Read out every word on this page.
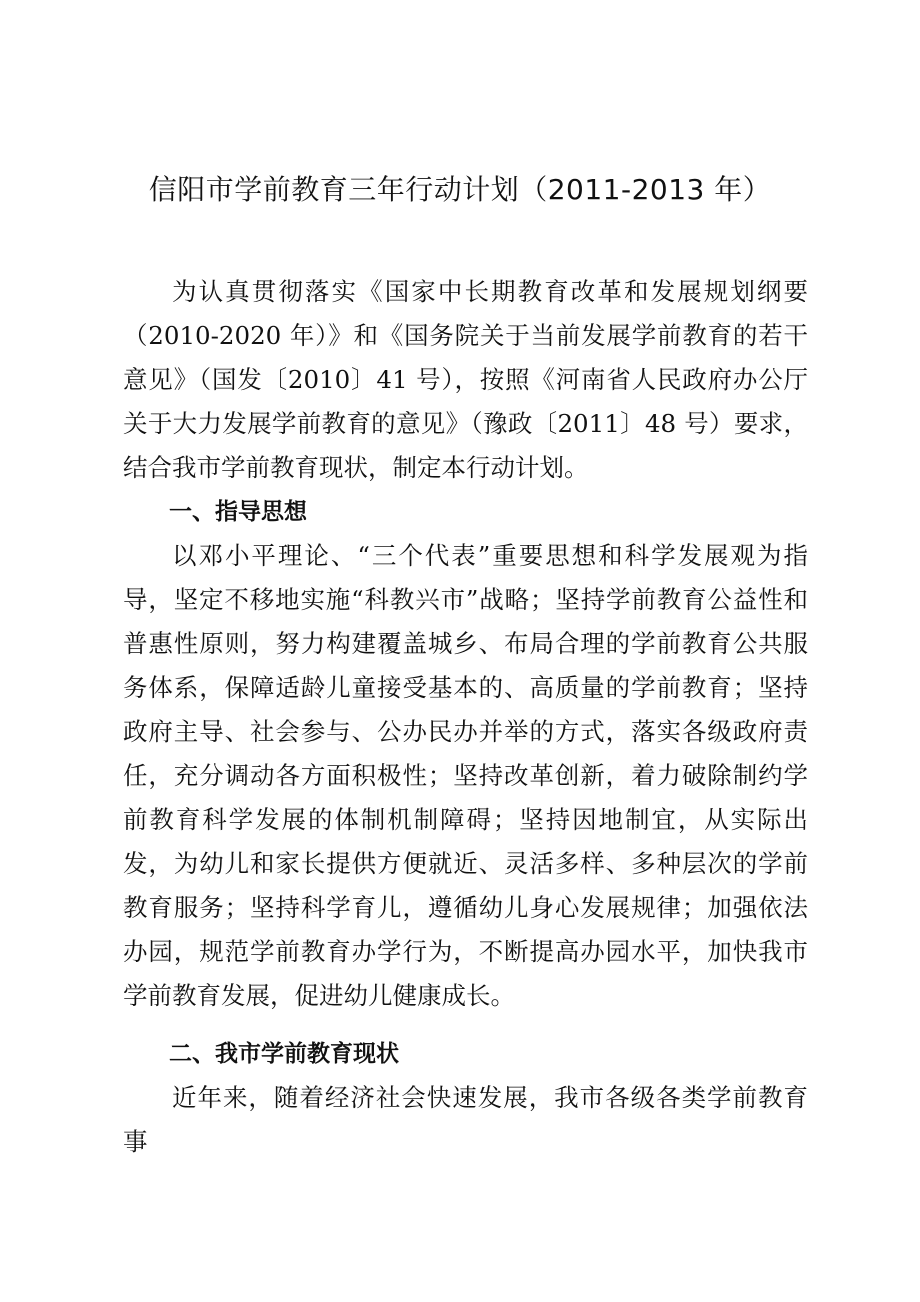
信阳市学前教育三年行动计划（2011-2013 年）

为认真贯彻落实《国家中长期教育改革和发展规划纲要（2010-2020 年）》和《国务院关于当前发展学前教育的若干意见》（国发〔2010〕41 号），按照《河南省人民政府办公厅关于大力发展学前教育的意见》（豫政〔2011〕48 号）要求，结合我市学前教育现状，制定本行动计划。

一、指导思想

以邓小平理论、“三个代表”重要思想和科学发展观为指导，坚定不移地实施“科教兴市”战略；坚持学前教育公益性和普惠性原则，努力构建覆盖城乡、布局合理的学前教育公共服务体系，保障适龄儿童接受基本的、高质量的学前教育；坚持政府主导、社会参与、公办民办并举的方式，落实各级政府责任，充分调动各方面积极性；坚持改革创新，着力破除制约学前教育科学发展的体制机制障碍；坚持因地制宜，从实际出发，为幼儿和家长提供方便就近、灵活多样、多种层次的学前教育服务；坚持科学育儿，遵循幼儿身心发展规律；加强依法办园，规范学前教育办学行为，不断提高办园水平，加快我市学前教育发展，促进幼儿健康成长。

二、我市学前教育现状

近年来，随着经济社会快速发展，我市各级各类学前教育事
